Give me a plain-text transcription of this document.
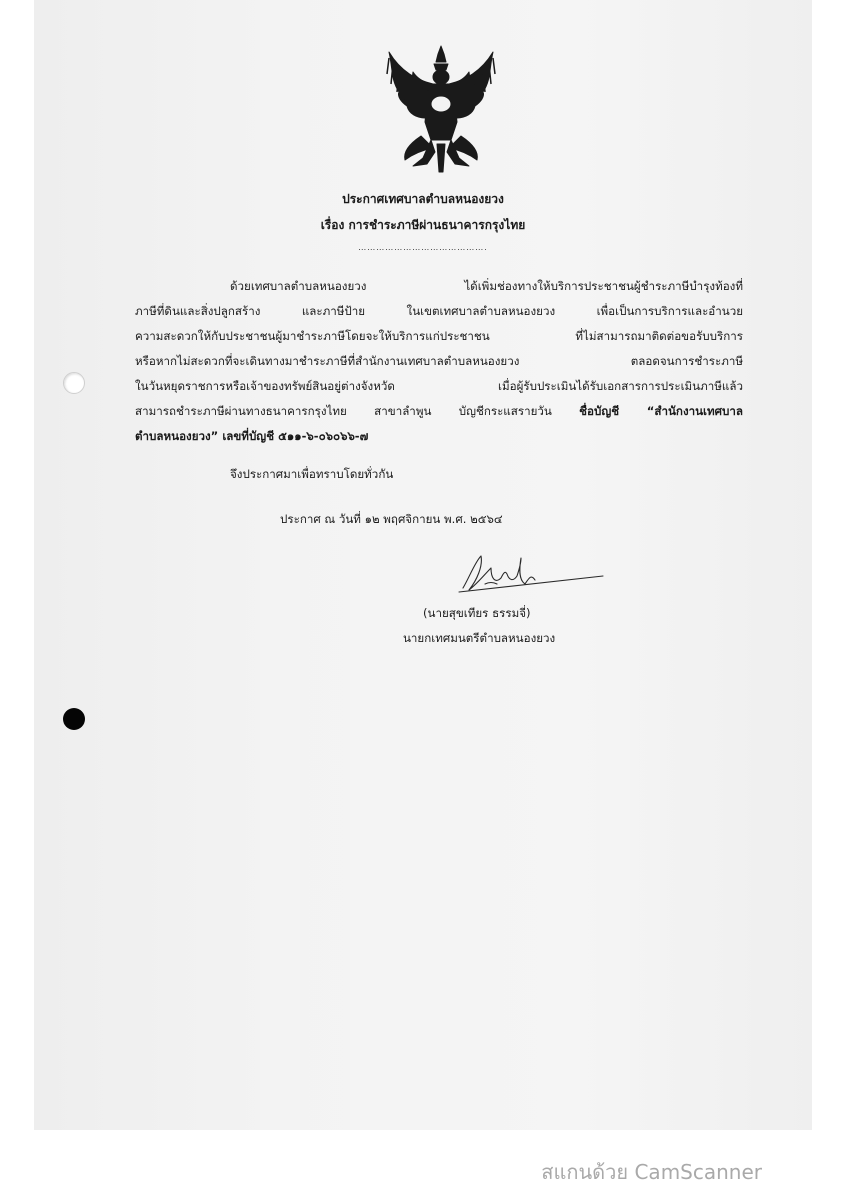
ประกาศเทศบาลตำบลหนองยวง
เรื่อง การชำระภาษีผ่านธนาคารกรุงไทย
…………………………………….
ด้วยเทศบาลตำบลหนองยวง ได้เพิ่มช่องทางให้บริการประชาชนผู้ชำระภาษีบำรุงท้องที่
ภาษีที่ดินและสิ่งปลูกสร้าง และภาษีป้าย ในเขตเทศบาลตำบลหนองยวง เพื่อเป็นการบริการและอำนวย
ความสะดวกให้กับประชาชนผู้มาชำระภาษีโดยจะให้บริการแก่ประชาชน ที่ไม่สามารถมาติดต่อขอรับบริการ
หรือหากไม่สะดวกที่จะเดินทางมาชำระภาษีที่สำนักงานเทศบาลตำบลหนองยวง ตลอดจนการชำระภาษี
ในวันหยุดราชการหรือเจ้าของทรัพย์สินอยู่ต่างจังหวัด เมื่อผู้รับประเมินได้รับเอกสารการประเมินภาษีแล้ว
สามารถชำระภาษีผ่านทางธนาคารกรุงไทย สาขาลำพูน บัญชีกระแสรายวัน ชื่อบัญชี “สำนักงานเทศบาล
ตำบลหนองยวง” เลขที่บัญชี ๕๑๑-๖-๐๖๐๖๖-๗
จึงประกาศมาเพื่อทราบโดยทั่วกัน
ประกาศ ณ วันที่ ๑๒ พฤศจิกายน พ.ศ. ๒๕๖๔
(นายสุขเทียร ธรรมจี่)
นายกเทศมนตรีตำบลหนองยวง
สแกนด้วย CamScanner
